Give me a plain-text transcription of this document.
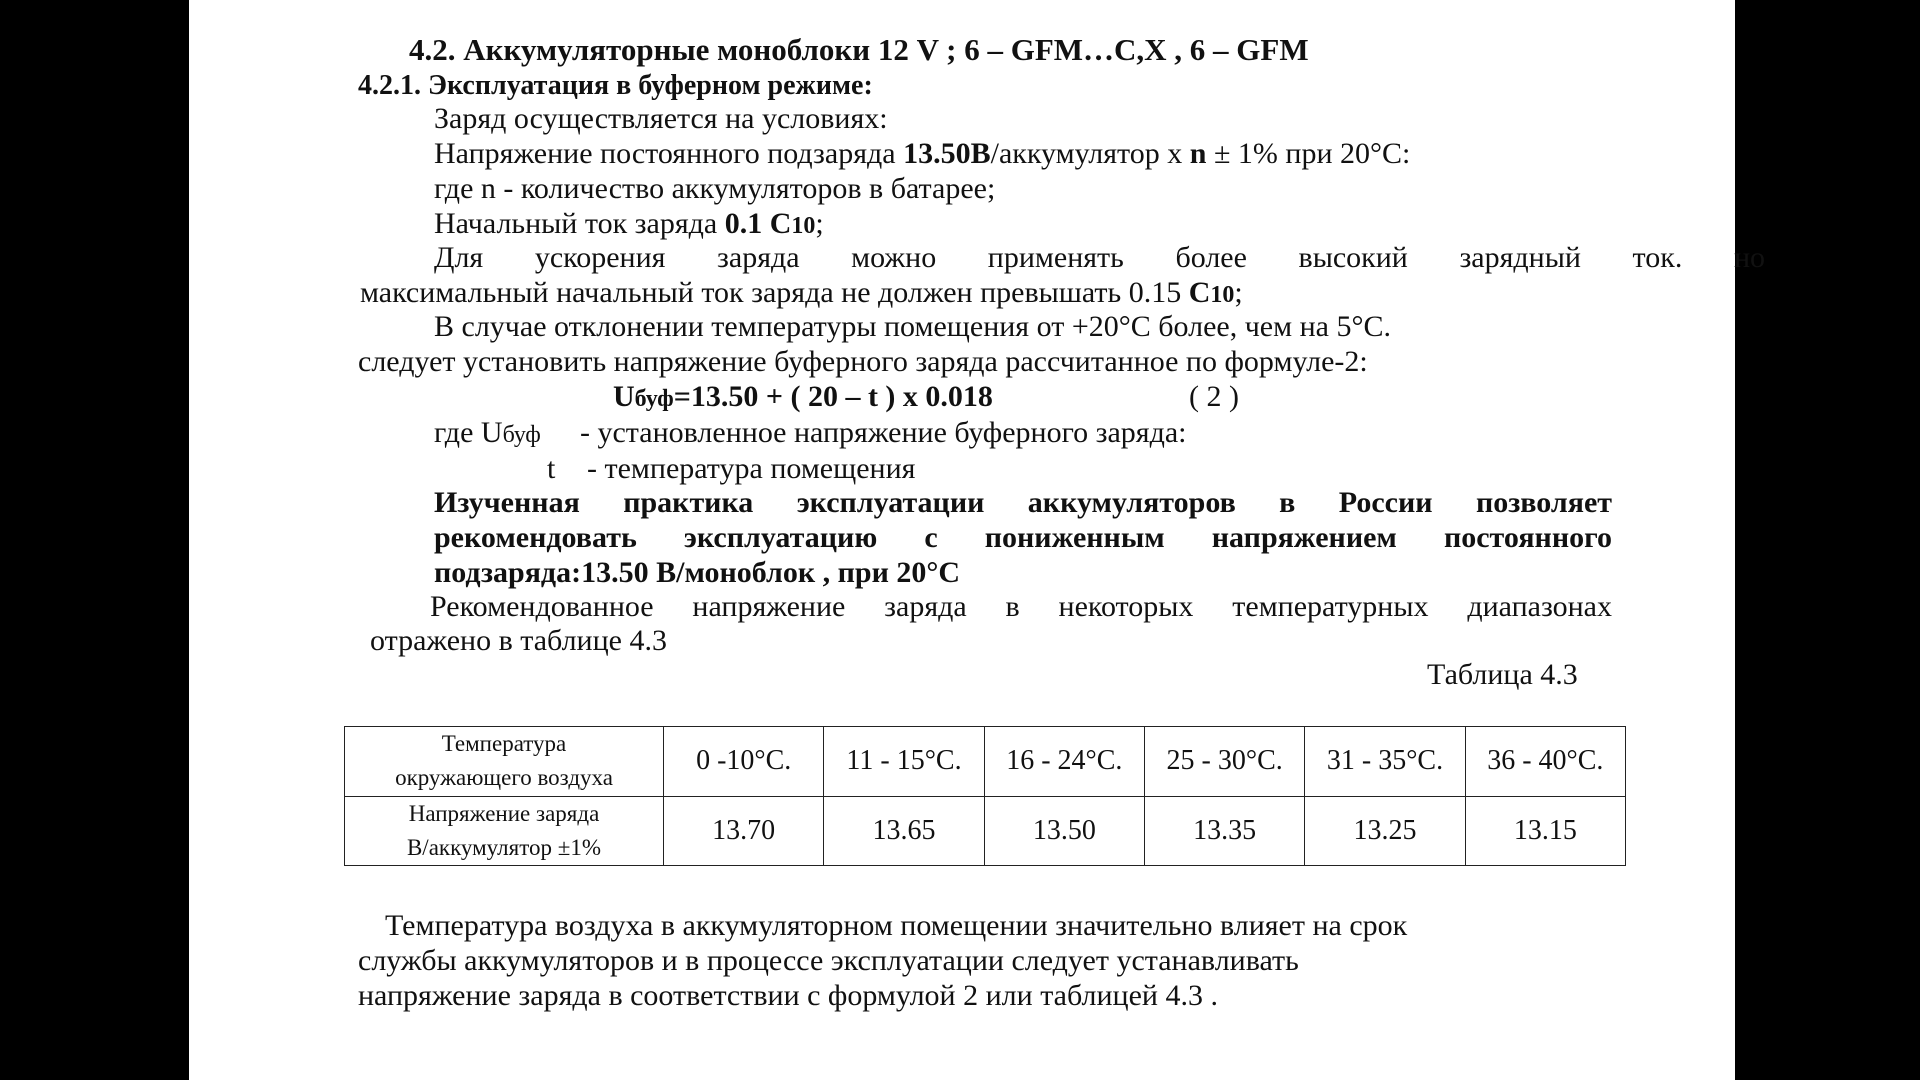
4.2. Аккумуляторные моноблоки 12 V ; 6 – GFM…C,X , 6 – GFM
4.2.1. Эксплуатация в буферном режиме:
Заряд осуществляется на условиях:
Напряжение постоянного подзаряда 13.50В/аккумулятор х n ± 1% при 20°С:
где n - количество аккумуляторов в батарее;
Начальный ток заряда 0.1 С10;
Для ускорения заряда можно применять более высокий зарядный ток. но
максимальный начальный ток заряда не должен превышать 0.15 С10;
В случае отклонении температуры помещения от +20°С более, чем на 5°С.
следует установить напряжение буферного заряда рассчитанное по формуле-2:
Uбуф=13.50 + ( 20 – t ) х 0.018	( 2 )
где Uбуф - установленное напряжение буферного заряда:
t - температура помещения
Изученная практика эксплуатации аккумуляторов в России позволяет
рекомендовать эксплуатацию с пониженным напряжением постоянного
подзаряда:13.50 В/моноблок , при 20°С
Рекомендованное напряжение заряда в некоторых температурных диапазонах
отражено в таблице 4.3
Таблица 4.3
Температура
окружающего воздуха	0 -10°С.	11 - 15°С.	16 - 24°С.	25 - 30°С.	31 - 35°С.	36 - 40°С.

Напряжение заряда
В/аккумулятор ±1%	13.70	13.65	13.50	13.35	13.25	13.15
Температура воздуха в аккумуляторном помещении значительно влияет на срок
службы аккумуляторов и в процессе эксплуатации следует устанавливать
напряжение заряда в соответствии с формулой 2 или таблицей 4.3 .
